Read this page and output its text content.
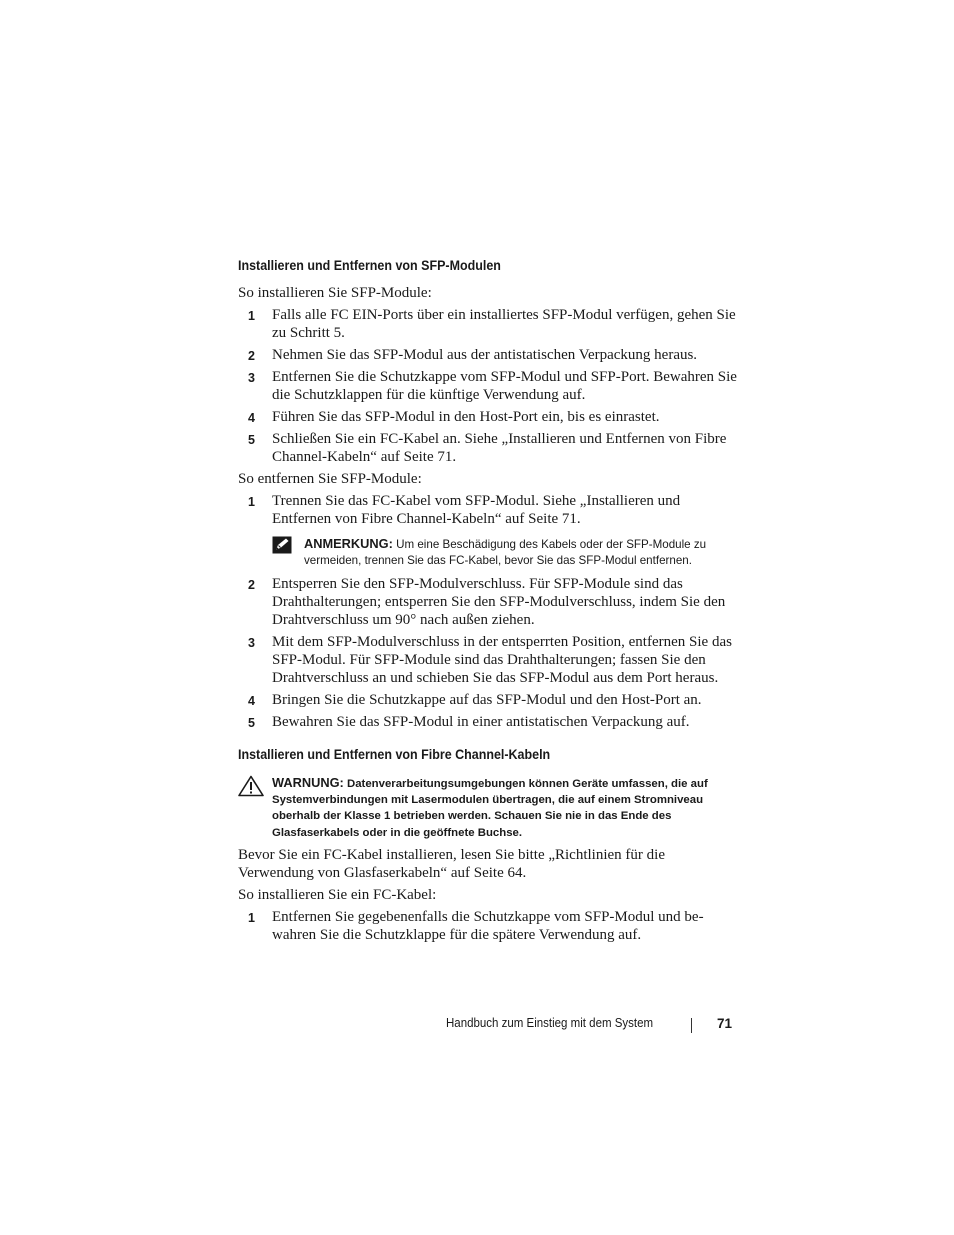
Installieren und Entfernen von SFP-Modulen

So installieren Sie SFP-Module:

1 Falls alle FC EIN-Ports über ein installiertes SFP-Modul verfügen, gehen Sie zu Schritt 5.
2 Nehmen Sie das SFP-Modul aus der antistatischen Verpackung heraus.
3 Entfernen Sie die Schutzkappe vom SFP-Modul und SFP-Port. Bewahren Sie die Schutzklappen für die künftige Verwendung auf.
4 Führen Sie das SFP-Modul in den Host-Port ein, bis es einrastet.
5 Schließen Sie ein FC-Kabel an. Siehe „Installieren und Entfernen von Fibre Channel-Kabeln“ auf Seite 71.

So entfernen Sie SFP-Module:

1 Trennen Sie das FC-Kabel vom SFP-Modul. Siehe „Installieren und Entfernen von Fibre Channel-Kabeln“ auf Seite 71.
ANMERKUNG: Um eine Beschädigung des Kabels oder der SFP-Module zu vermeiden, trennen Sie das FC-Kabel, bevor Sie das SFP-Modul entfernen.
2 Entsperren Sie den SFP-Modulverschluss. Für SFP-Module sind das Drahthalterungen; entsperren Sie den SFP-Modulverschluss, indem Sie den Drahtverschluss um 90° nach außen ziehen.
3 Mit dem SFP-Modulverschluss in der entsperrten Position, entfernen Sie das SFP-Modul. Für SFP-Module sind das Drahthalterungen; fassen Sie den Drahtverschluss an und schieben Sie das SFP-Modul aus dem Port heraus.
4 Bringen Sie die Schutzkappe auf das SFP-Modul und den Host-Port an.
5 Bewahren Sie das SFP-Modul in einer antistatischen Verpackung auf.
Installieren und Entfernen von Fibre Channel-Kabeln
WARNUNG: Datenverarbeitungsumgebungen können Geräte umfassen, die auf Systemverbindungen mit Lasermodulen übertragen, die auf einem Stromniveau oberhalb der Klasse 1 betrieben werden. Schauen Sie nie in das Ende des Glasfaserkabels oder in die geöffnete Buchse.

Bevor Sie ein FC-Kabel installieren, lesen Sie bitte „Richtlinien für die Verwendung von Glasfaserkabeln“ auf Seite 64.

So installieren Sie ein FC-Kabel:

1 Entfernen Sie gegebenenfalls die Schutzkappe vom SFP-Modul und bewahren Sie die Schutzklappe für die spätere Verwendung auf.
Handbuch zum Einstieg mit dem System	71
